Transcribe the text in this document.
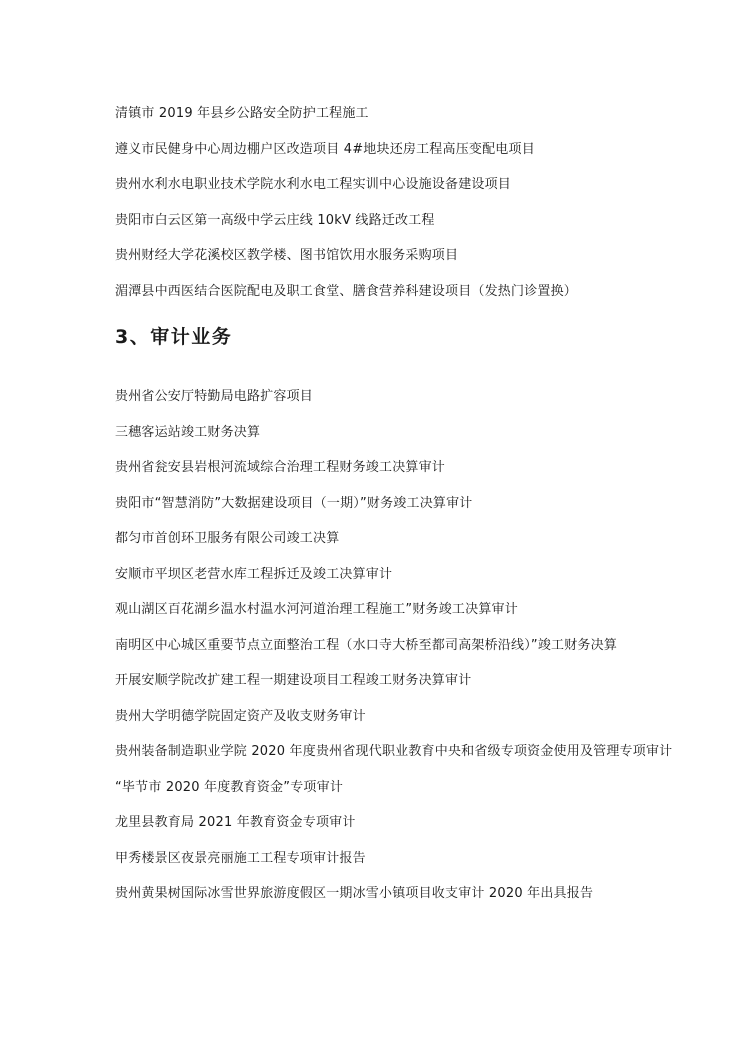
清镇市 2019 年县乡公路安全防护工程施工
遵义市民健身中心周边棚户区改造项目 4#地块还房工程高压变配电项目
贵州水利水电职业技术学院水利水电工程实训中心设施设备建设项目
贵阳市白云区第一高级中学云庄线 10kV 线路迁改工程
贵州财经大学花溪校区教学楼、图书馆饮用水服务采购项目
湄潭县中西医结合医院配电及职工食堂、膳食营养科建设项目（发热门诊置换）
3、审计业务
贵州省公安厅特勤局电路扩容项目
三穗客运站竣工财务决算
贵州省瓮安县岩根河流域综合治理工程财务竣工决算审计
贵阳市“智慧消防”大数据建设项目（一期）”财务竣工决算审计
都匀市首创环卫服务有限公司竣工决算
安顺市平坝区老营水库工程拆迁及竣工决算审计
观山湖区百花湖乡温水村温水河河道治理工程施工”财务竣工决算审计
南明区中心城区重要节点立面整治工程（水口寺大桥至都司高架桥沿线）”竣工财务决算
开展安顺学院改扩建工程一期建设项目工程竣工财务决算审计
贵州大学明德学院固定资产及收支财务审计
贵州装备制造职业学院 2020 年度贵州省现代职业教育中央和省级专项资金使用及管理专项审计
“毕节市 2020 年度教育资金”专项审计
龙里县教育局 2021 年教育资金专项审计
甲秀楼景区夜景亮丽施工工程专项审计报告
贵州黄果树国际冰雪世界旅游度假区一期冰雪小镇项目收支审计 2020 年出具报告
